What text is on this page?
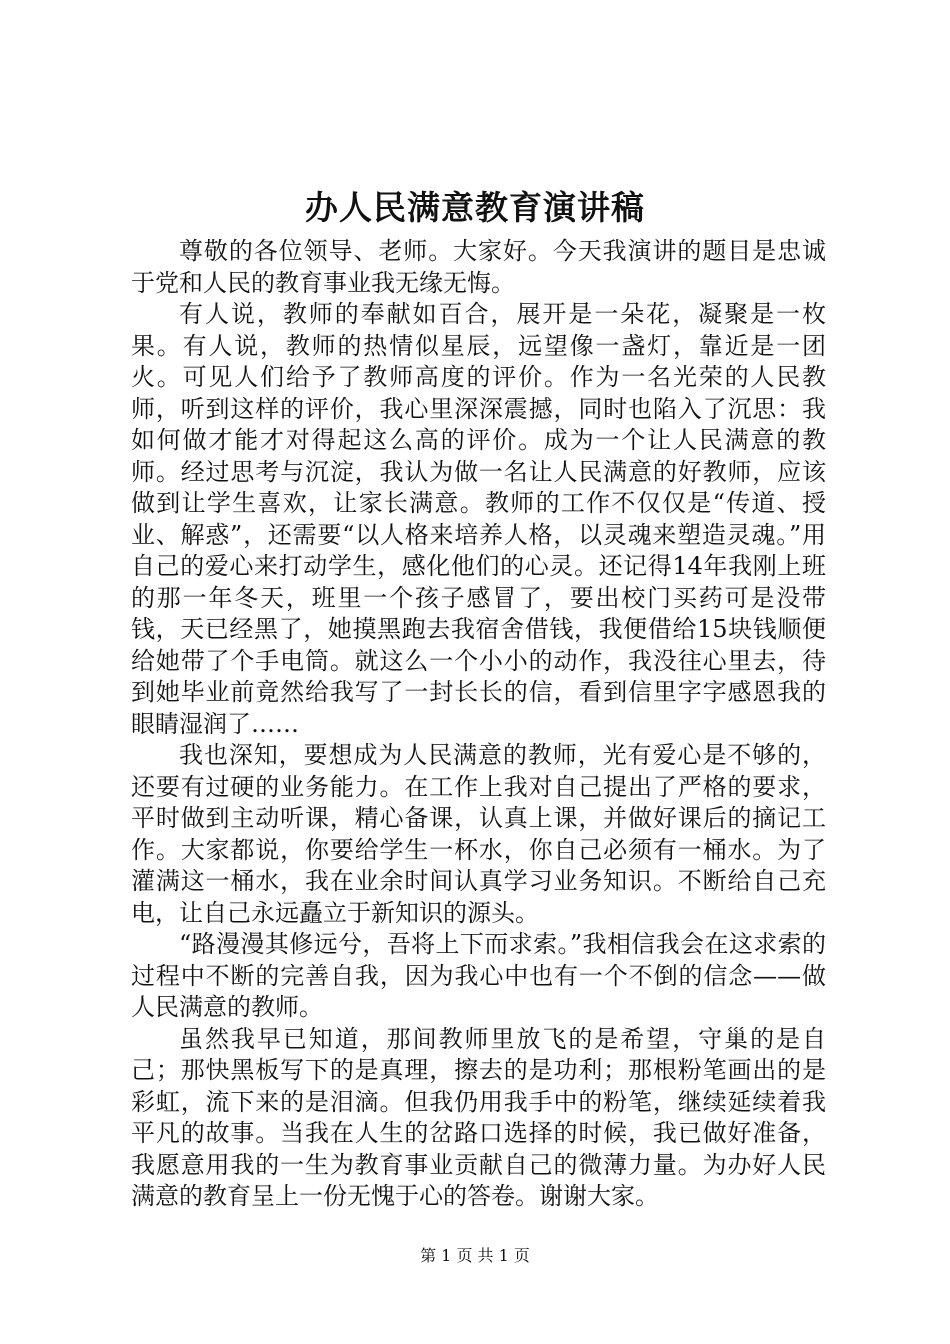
办人民满意教育演讲稿

尊敬的各位领导、老师。大家好。今天我演讲的题目是忠诚于党和人民的教育事业我无缘无悔。

有人说，教师的奉献如百合，展开是一朵花，凝聚是一枚果。有人说，教师的热情似星辰，远望像一盏灯，靠近是一团火。可见人们给予了教师高度的评价。作为一名光荣的人民教师，听到这样的评价，我心里深深震撼，同时也陷入了沉思：我如何做才能才对得起这么高的评价。成为一个让人民满意的教师。经过思考与沉淀，我认为做一名让人民满意的好教师，应该做到让学生喜欢，让家长满意。教师的工作不仅仅是“传道、授业、解惑”，还需要“以人格来培养人格，以灵魂来塑造灵魂。”用自己的爱心来打动学生，感化他们的心灵。还记得14年我刚上班的那一年冬天，班里一个孩子感冒了，要出校门买药可是没带钱，天已经黑了，她摸黑跑去我宿舍借钱，我便借给15块钱顺便给她带了个手电筒。就这么一个小小的动作，我没往心里去，待到她毕业前竟然给我写了一封长长的信，看到信里字字感恩我的眼睛湿润了……

我也深知，要想成为人民满意的教师，光有爱心是不够的，还要有过硬的业务能力。在工作上我对自己提出了严格的要求，平时做到主动听课，精心备课，认真上课，并做好课后的摘记工作。大家都说，你要给学生一杯水，你自己必须有一桶水。为了灌满这一桶水，我在业余时间认真学习业务知识。不断给自己充电，让自己永远矗立于新知识的源头。

“路漫漫其修远兮，吾将上下而求索。”我相信我会在这求索的过程中不断的完善自我，因为我心中也有一个不倒的信念——做人民满意的教师。

虽然我早已知道，那间教师里放飞的是希望，守巢的是自己；那快黑板写下的是真理，擦去的是功利；那根粉笔画出的是彩虹，流下来的是泪滴。但我仍用我手中的粉笔，继续延续着我平凡的故事。当我在人生的岔路口选择的时候，我已做好准备，我愿意用我的一生为教育事业贡献自己的微薄力量。为办好人民满意的教育呈上一份无愧于心的答卷。谢谢大家。

第 1 页 共 1 页
